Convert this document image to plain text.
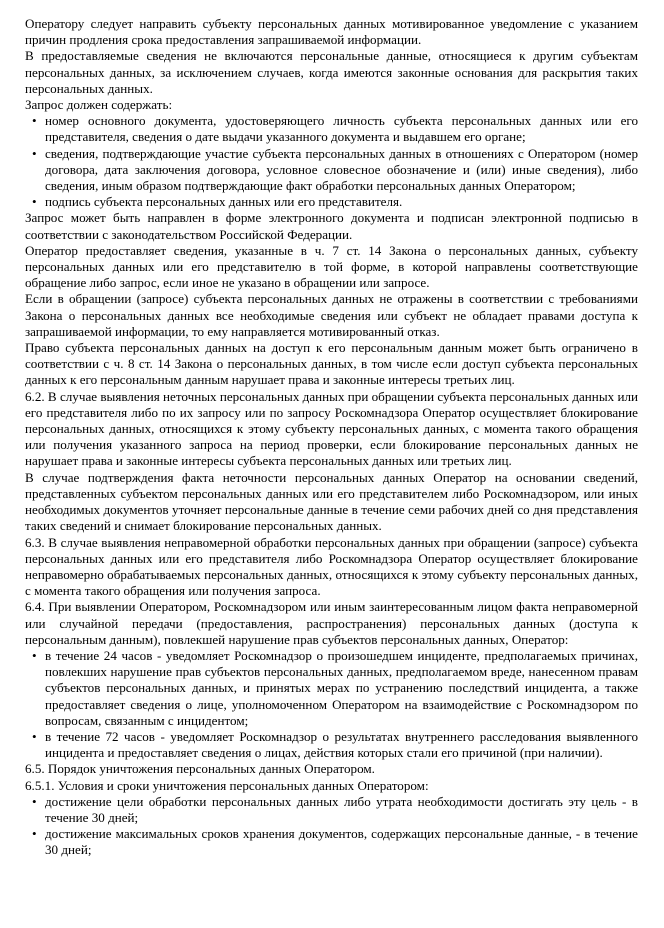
Оператору следует направить субъекту персональных данных мотивированное уведомление с указанием причин продления срока предоставления запрашиваемой информации.

В предоставляемые сведения не включаются персональные данные, относящиеся к другим субъектам персональных данных, за исключением случаев, когда имеются законные основания для раскрытия таких персональных данных.

Запрос должен содержать:

• номер основного документа, удостоверяющего личность субъекта персональных данных или его представителя, сведения о дате выдачи указанного документа и выдавшем его органе;
• сведения, подтверждающие участие субъекта персональных данных в отношениях с Оператором (номер договора, дата заключения договора, условное словесное обозначение и (или) иные сведения), либо сведения, иным образом подтверждающие факт обработки персональных данных Оператором;
• подпись субъекта персональных данных или его представителя.

Запрос может быть направлен в форме электронного документа и подписан электронной подписью в соответствии с законодательством Российской Федерации.

Оператор предоставляет сведения, указанные в ч. 7 ст. 14 Закона о персональных данных, субъекту персональных данных или его представителю в той форме, в которой направлены соответствующие обращение либо запрос, если иное не указано в обращении или запросе.

Если в обращении (запросе) субъекта персональных данных не отражены в соответствии с требованиями Закона о персональных данных все необходимые сведения или субъект не обладает правами доступа к запрашиваемой информации, то ему направляется мотивированный отказ.

Право субъекта персональных данных на доступ к его персональным данным может быть ограничено в соответствии с ч. 8 ст. 14 Закона о персональных данных, в том числе если доступ субъекта персональных данных к его персональным данным нарушает права и законные интересы третьих лиц.

6.2. В случае выявления неточных персональных данных при обращении субъекта персональных данных или его представителя либо по их запросу или по запросу Роскомнадзора Оператор осуществляет блокирование персональных данных, относящихся к этому субъекту персональных данных, с момента такого обращения или получения указанного запроса на период проверки, если блокирование персональных данных не нарушает права и законные интересы субъекта персональных данных или третьих лиц.

В случае подтверждения факта неточности персональных данных Оператор на основании сведений, представленных субъектом персональных данных или его представителем либо Роскомнадзором, или иных необходимых документов уточняет персональные данные в течение семи рабочих дней со дня представления таких сведений и снимает блокирование персональных данных.

6.3. В случае выявления неправомерной обработки персональных данных при обращении (запросе) субъекта персональных данных или его представителя либо Роскомнадзора Оператор осуществляет блокирование неправомерно обрабатываемых персональных данных, относящихся к этому субъекту персональных данных, с момента такого обращения или получения запроса.

6.4. При выявлении Оператором, Роскомнадзором или иным заинтересованным лицом факта неправомерной или случайной передачи (предоставления, распространения) персональных данных (доступа к персональным данным), повлекшей нарушение прав субъектов персональных данных, Оператор:

• в течение 24 часов - уведомляет Роскомнадзор о произошедшем инциденте, предполагаемых причинах, повлекших нарушение прав субъектов персональных данных, предполагаемом вреде, нанесенном правам субъектов персональных данных, и принятых мерах по устранению последствий инцидента, а также предоставляет сведения о лице, уполномоченном Оператором на взаимодействие с Роскомнадзором по вопросам, связанным с инцидентом;
• в течение 72 часов - уведомляет Роскомнадзор о результатах внутреннего расследования выявленного инцидента и предоставляет сведения о лицах, действия которых стали его причиной (при наличии).

6.5. Порядок уничтожения персональных данных Оператором.

6.5.1. Условия и сроки уничтожения персональных данных Оператором:

• достижение цели обработки персональных данных либо утрата необходимости достигать эту цель - в течение 30 дней;
• достижение максимальных сроков хранения документов, содержащих персональные данные, - в течение 30 дней;
